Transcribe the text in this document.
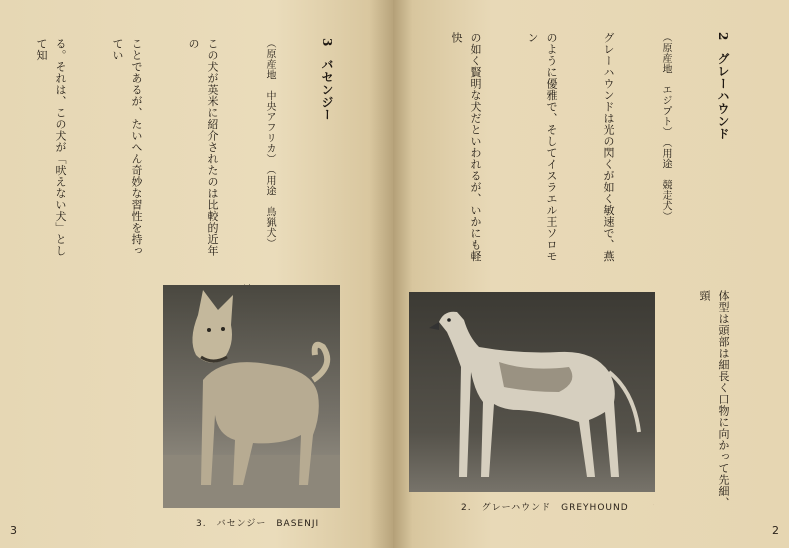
3　バセンジー

（原産地　中央アフリカ）　（用途　鳥猟犬）

この犬が英米に紹介されたのは比較的近年の

ことであるが、たいへん奇妙な習性を持ってい

る。それは、この犬が「吠えない犬」として知

3.　バセンジー　BASENJI
3

2　グレーハウンド

（原産地　エジプト）　（用途　競走犬）

グレーハウンドは光の閃くが如く敏速で、燕

のように優雅で、そしてイスラエル王ソロモン

の如く賢明な犬だといわれるが、いかにも軽快

体型は頭部は細長く口物に向かって先細、頸

2.　グレーハウンド　GREYHOUND
2
